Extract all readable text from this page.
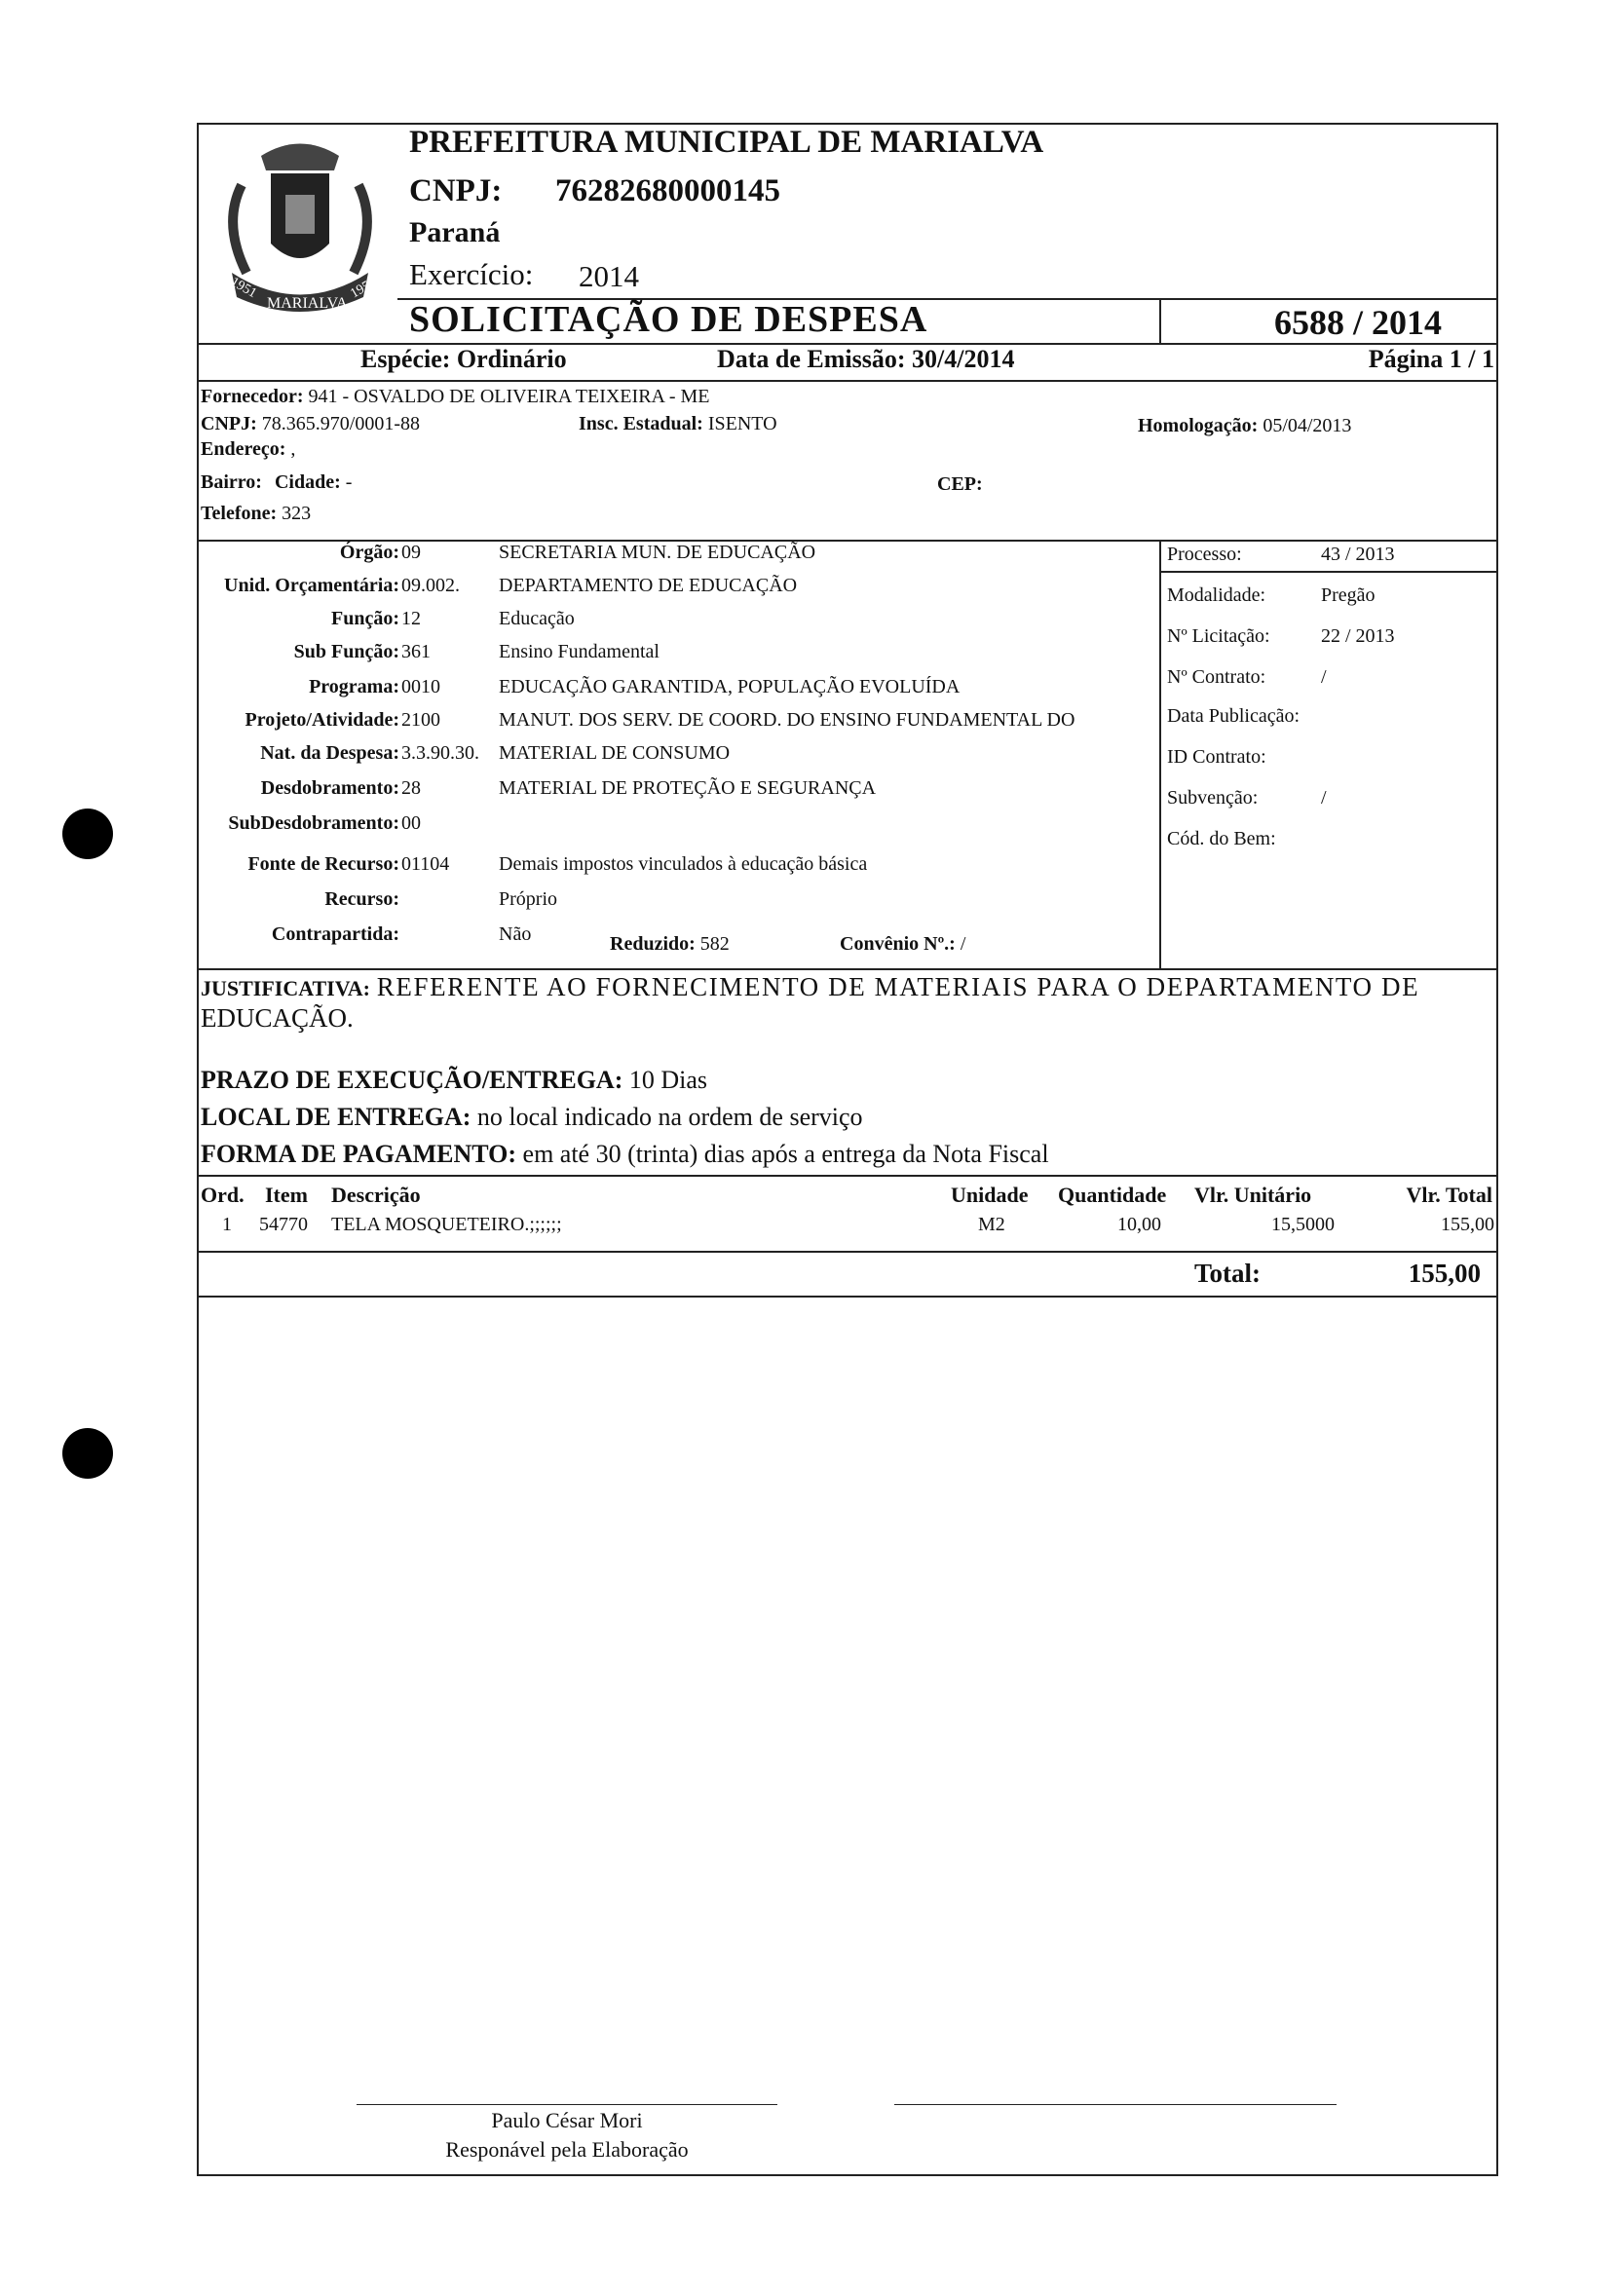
1951
MARIALVA
1955
PREFEITURA MUNICIPAL DE MARIALVA
CNPJ: 76282680000145
Paraná
Exercício: 2014
SOLICITAÇÃO DE DESPESA	6588 / 2014
Espécie: Ordinário	Data de Emissão: 30/4/2014	Página 1 / 1
Fornecedor: 941 - OSVALDO DE OLIVEIRA TEIXEIRA - ME
CNPJ: 78.365.970/0001-88	Insc. Estadual: ISENTO	Homologação: 05/04/2013
Endereço: ,
Bairro: Cidade: -	CEP:
Telefone: 323
Órgão: 09	SECRETARIA MUN. DE EDUCAÇÃO
Unid. Orçamentária: 09.002. DEPARTAMENTO DE EDUCAÇÃO
Função: 12	Educação
Sub Função: 361	Ensino Fundamental
Programa: 0010	EDUCAÇÃO GARANTIDA, POPULAÇÃO EVOLUÍDA
Projeto/Atividade: 2100	MANUT. DOS SERV. DE COORD. DO ENSINO FUNDAMENTAL DO
Nat. da Despesa: 3.3.90.30. MATERIAL DE CONSUMO
Desdobramento: 28	MATERIAL DE PROTEÇÃO E SEGURANÇA
SubDesdobramento: 00
Fonte de Recurso: 01104	Demais impostos vinculados à educação básica
Recurso:	Próprio
Contrapartida:	Não	Reduzido: 582	Convênio Nº.: /
Processo:	43 / 2013
Modalidade:	Pregão
Nº Licitação:	22 / 2013
Nº Contrato:	/
Data Publicação:
ID Contrato:
Subvenção:	/
Cód. do Bem:
JUSTIFICATIVA: REFERENTE AO FORNECIMENTO DE MATERIAIS PARA O DEPARTAMENTO DE
EDUCAÇÃO.
PRAZO DE EXECUÇÃO/ENTREGA: 10 Dias
LOCAL DE ENTREGA: no local indicado na ordem de serviço
FORMA DE PAGAMENTO: em até 30 (trinta) dias após a entrega da Nota Fiscal
Ord. Item Descrição	Unidade Quantidade Vlr. Unitário	Vlr. Total
1 54770 TELA MOSQUETEIRO.;;;;;;	M2	10,00	15,5000	155,00
Total:	155,00
Paulo César Mori
Responável pela Elaboração
